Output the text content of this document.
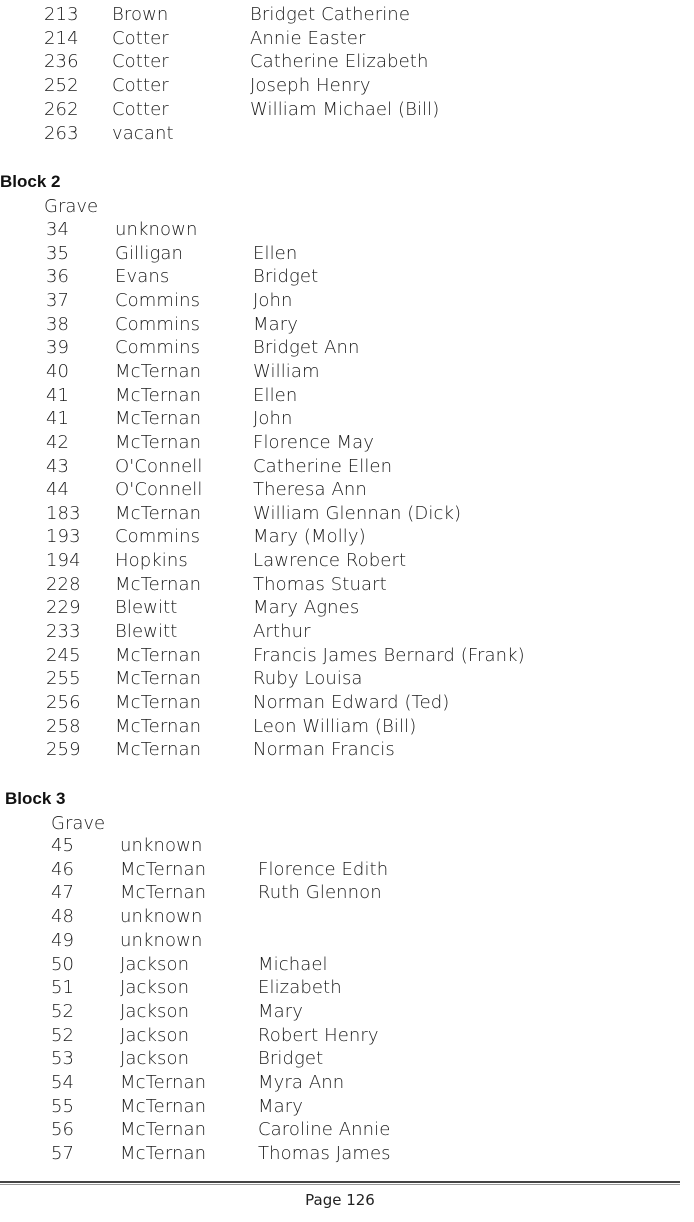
213 Brown	Bridget Catherine
214 Cotter	Annie Easter
236 Cotter	Catherine Elizabeth
252 Cotter	Joseph Henry
262 Cotter	William Michael (Bill)
263 vacant
Block 2
Grave
34	unknown
35	Gilligan	Ellen
36	Evans	Bridget
37	Commins	John
38	Commins	Mary
39	Commins	Bridget Ann
40	McTernan	William
41	McTernan	Ellen
41	McTernan	John
42	McTernan	Florence May
43	O'Connell	Catherine Ellen
44	O'Connell	Theresa Ann
183 McTernan	William Glennan (Dick)
193 Commins	Mary (Molly)
194 Hopkins	Lawrence Robert
228 McTernan	Thomas Stuart
229 Blewitt	Mary Agnes
233 Blewitt	Arthur
245 McTernan	Francis James Bernard (Frank)
255 McTernan	Ruby Louisa
256 McTernan	Norman Edward (Ted)
258 McTernan	Leon William (Bill)
259 McTernan	Norman Francis
Block 3
Grave
45	unknown
46	McTernan	Florence Edith
47	McTernan	Ruth Glennon
48	unknown
49	unknown
50	Jackson	Michael
51	Jackson	Elizabeth
52	Jackson	Mary
52	Jackson	Robert Henry
53	Jackson	Bridget
54	McTernan	Myra Ann
55	McTernan	Mary
56	McTernan	Caroline Annie
57	McTernan	Thomas James
Page 126
